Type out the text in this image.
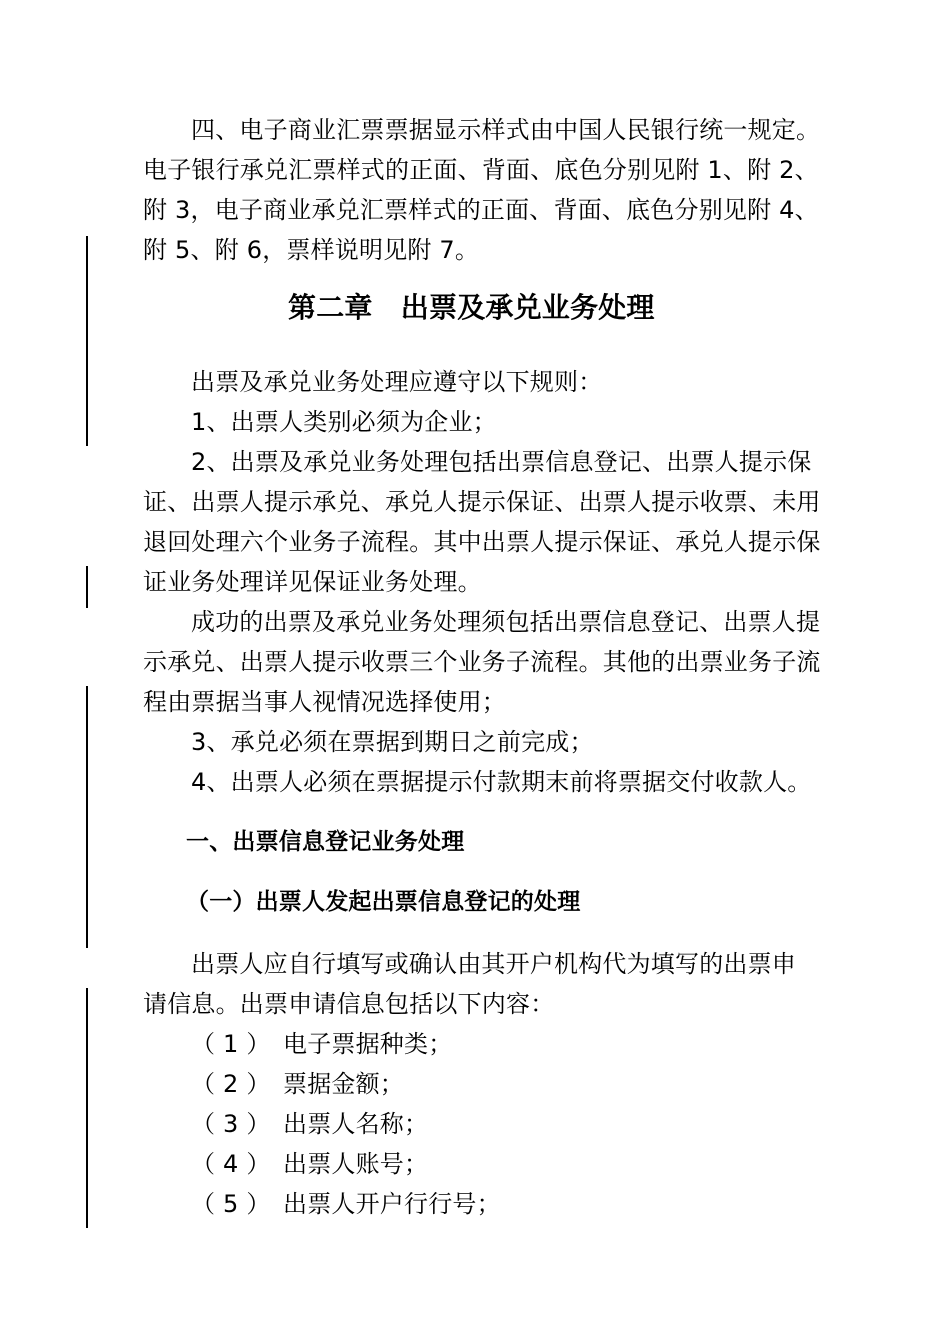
四、电子商业汇票票据显示样式由中国人民银行统一规定。
电子银行承兑汇票样式的正面、背面、底色分别见附 1、附 2、
附 3，电子商业承兑汇票样式的正面、背面、底色分别见附 4、
附 5、附 6，票样说明见附 7。
第二章　出票及承兑业务处理
出票及承兑业务处理应遵守以下规则：
1、出票人类别必须为企业；
2、出票及承兑业务处理包括出票信息登记、出票人提示保
证、出票人提示承兑、承兑人提示保证、出票人提示收票、未用
退回处理六个业务子流程。其中出票人提示保证、承兑人提示保
证业务处理详见保证业务处理。
成功的出票及承兑业务处理须包括出票信息登记、出票人提
示承兑、出票人提示收票三个业务子流程。其他的出票业务子流
程由票据当事人视情况选择使用；
3、承兑必须在票据到期日之前完成；
4、出票人必须在票据提示付款期末前将票据交付收款人。
一、出票信息登记业务处理
（一）出票人发起出票信息登记的处理
出票人应自行填写或确认由其开户机构代为填写的出票申
请信息。出票申请信息包括以下内容：
（ 1 ） 电子票据种类；
（ 2 ） 票据金额；
（ 3 ） 出票人名称；
（ 4 ） 出票人账号；
（ 5 ） 出票人开户行行号；
